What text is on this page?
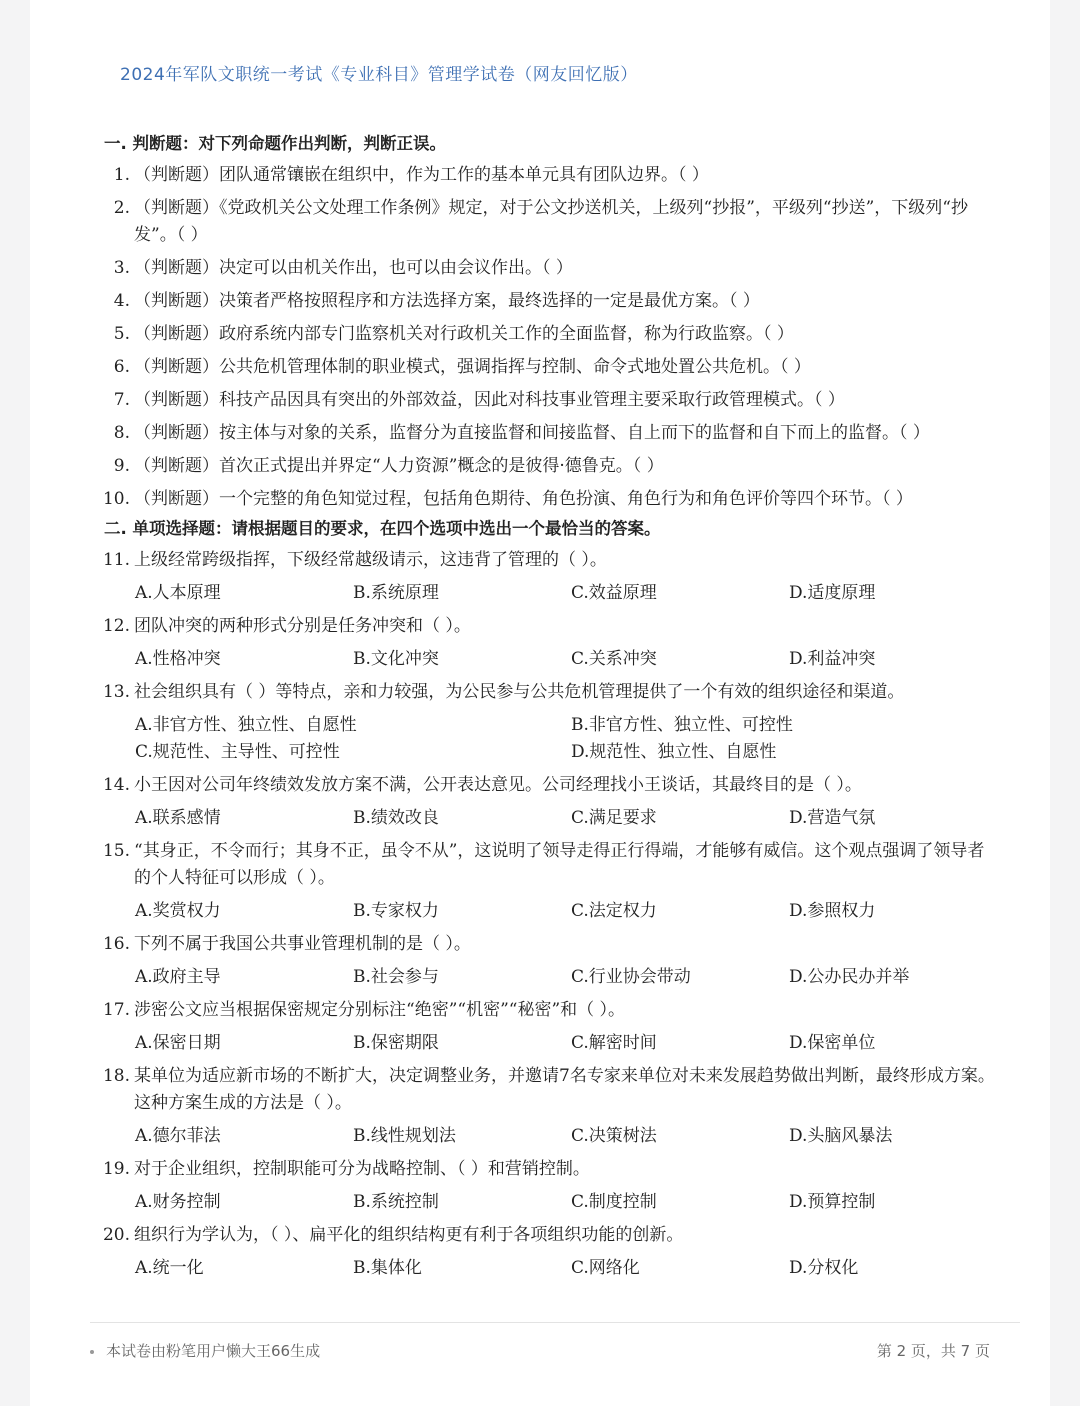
2024年军队文职统一考试《专业科目》管理学试卷（网友回忆版）
一. 判断题：对下列命题作出判断，判断正误。
1. （判断题）团队通常镶嵌在组织中，作为工作的基本单元具有团队边界。（ ）
2. （判断题）《党政机关公文处理工作条例》规定，对于公文抄送机关，上级列“抄报”，平级列“抄送”，下级列“抄发”。（ ）
3. （判断题）决定可以由机关作出，也可以由会议作出。（ ）
4. （判断题）决策者严格按照程序和方法选择方案，最终选择的一定是最优方案。（ ）
5. （判断题）政府系统内部专门监察机关对行政机关工作的全面监督，称为行政监察。（ ）
6. （判断题）公共危机管理体制的职业模式，强调指挥与控制、命令式地处置公共危机。（ ）
7. （判断题）科技产品因具有突出的外部效益，因此对科技事业管理主要采取行政管理模式。（ ）
8. （判断题）按主体与对象的关系，监督分为直接监督和间接监督、自上而下的监督和自下而上的监督。（ ）
9. （判断题）首次正式提出并界定“人力资源”概念的是彼得·德鲁克。（ ）
10. （判断题）一个完整的角色知觉过程，包括角色期待、角色扮演、角色行为和角色评价等四个环节。（ ）
二. 单项选择题：请根据题目的要求，在四个选项中选出一个最恰当的答案。
11. 上级经常跨级指挥，下级经常越级请示，这违背了管理的（ ）。
A.人本原理	B.系统原理	C.效益原理	D.适度原理
12. 团队冲突的两种形式分别是任务冲突和（ ）。
A.性格冲突	B.文化冲突	C.关系冲突	D.利益冲突
13. 社会组织具有（ ）等特点，亲和力较强，为公民参与公共危机管理提供了一个有效的组织途径和渠道。
A.非官方性、独立性、自愿性	B.非官方性、独立性、可控性
C.规范性、主导性、可控性	D.规范性、独立性、自愿性
14. 小王因对公司年终绩效发放方案不满，公开表达意见。公司经理找小王谈话，其最终目的是（ ）。
A.联系感情	B.绩效改良	C.满足要求	D.营造气氛
15. “其身正，不令而行；其身不正，虽令不从”，这说明了领导走得正行得端，才能够有威信。这个观点强调了领导者的个人特征可以形成（ ）。
A.奖赏权力	B.专家权力	C.法定权力	D.参照权力
16. 下列不属于我国公共事业管理机制的是（ ）。
A.政府主导	B.社会参与	C.行业协会带动	D.公办民办并举
17. 涉密公文应当根据保密规定分别标注“绝密”“机密”“秘密”和（ ）。
A.保密日期	B.保密期限	C.解密时间	D.保密单位
18. 某单位为适应新市场的不断扩大，决定调整业务，并邀请7名专家来单位对未来发展趋势做出判断，最终形成方案。这种方案生成的方法是（ ）。
A.德尔菲法	B.线性规划法	C.决策树法	D.头脑风暴法
19. 对于企业组织，控制职能可分为战略控制、（ ）和营销控制。
A.财务控制	B.系统控制	C.制度控制	D.预算控制
20. 组织行为学认为，（ ）、扁平化的组织结构更有利于各项组织功能的创新。
A.统一化	B.集体化	C.网络化	D.分权化
本试卷由粉笔用户懒大王66生成	第 2 页，共 7 页
